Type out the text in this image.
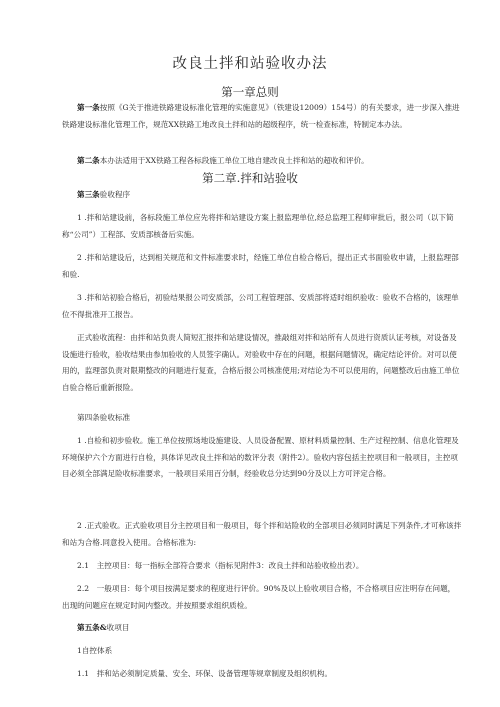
改良土拌和站验收办法
第一章总则
第一条按照《G关于推进铁路建设标准化管理的实施意见》（铁建设12009）154号）的有关要求，进一步深入推进铁路建设标准化管理工作，规范XX铁路工地改良土拌和站的超级程序，统一检查标准，特制定本办法。
第二条本办法适用于XX铁路工程各标段施工单位工地自建改良土拌和站的超收和评价。
第二章.拌和站验收
第三条验收程序
1 .拌和站建设前，各标段施工单位应先将拌和站建设方案上报监理单位,经总监理工程师审批后，报公司（以下简称“公司”）工程部、安质部核备后实施。
2 .拌和站建设后，达到相关规范和文件标准要求时，经施工单位自检合格后，提出正式书面验收申请，上报监理部和验.
3 .拌和站初验合格后，初验结果报公司安质部，公司工程管理部、安质部将适时组织验收：验收不合格的，该理单位不得批准开工报告。
正式验收流程：由拌和站负责人简短汇报拌和站建设情况，推敲组对拌和站所有人员进行资质认证考核，对设备及设施进行验收，验收结果由参加验收的人员签字确认。对验收中存在的问题，根据问题情况，确定结论评价。对可以使用的，监理部负责对限期整改的问题进行复查，合格后报公司核准使用;对结论为不可以使用的，问题整改后由施工单位自验合格后重新报险。
第四条验收标准
1 .自检和初步验收。施工单位按照场地设施建设、人员设备配置、原材料质量控制、生产过程控制、信息化管理及环境保护六个方面进行自检，具体详见改良土拌和站的数评分表（附件2）。验收内容包括主控项目和一般项目，主控项目必须全部满足险收标准要求，一般项目采用百分制，经验收总分达到90分及以上方可评定合格。
2 .正式验收。正式验收项目分主控项目和一般项目，每个拌和站险收的全部项目必须同时满足下列条件,才可称该拌和站为合格.同意投入使用。合格标准为:
2.1　主控项目：每一指标全部符合要求（指标见附件3：改良土拌和站验收检出表）。
2.2　一般项目：每个项目按满足要求的程度进行评价。90%及以上验收项目合格，不合格项目应注明存在问题，出现的问题应在规定时间内整改。并按照要求组织质检。
第五条&收项目
1自控体系
1.1　拌和站必须制定质量、安全、环保、设备管理等规章制度及组织机构。
